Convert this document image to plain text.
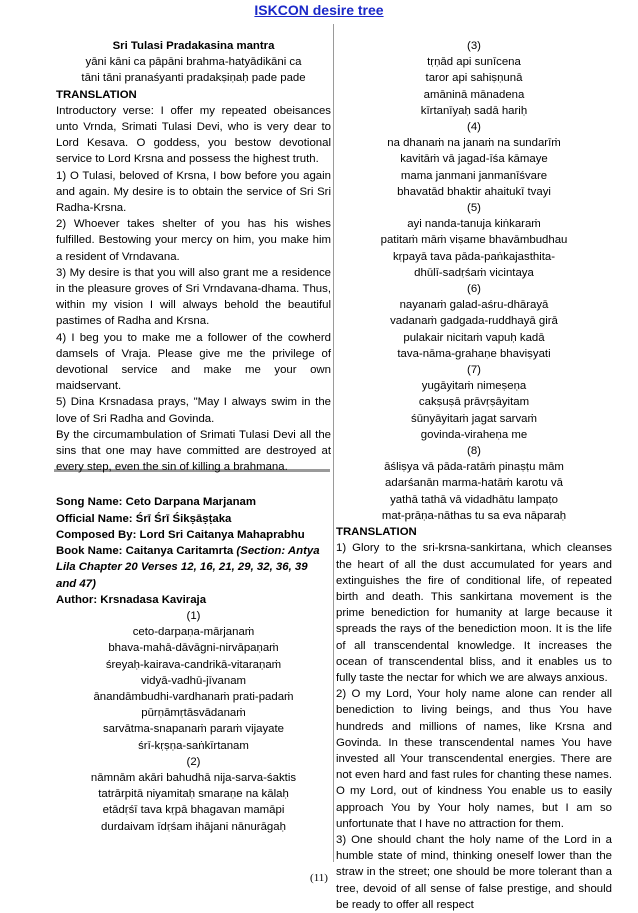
ISKCON desire tree
Sri Tulasi Pradakasina mantra
yāni kāni ca pāpāni brahma-hatyādikāni ca
tāni tāni pranaśyanti pradakṣiṇaḥ pade pade
TRANSLATION
Introductory verse: I offer my repeated obeisances unto Vrnda, Srimati Tulasi Devi, who is very dear to Lord Kesava. O goddess, you bestow devotional service to Lord Krsna and possess the highest truth.
1) O Tulasi, beloved of Krsna, I bow before you again and again. My desire is to obtain the service of Sri Sri Radha-Krsna.
2) Whoever takes shelter of you has his wishes fulfilled. Bestowing your mercy on him, you make him a resident of Vrndavana.
3) My desire is that you will also grant me a residence in the pleasure groves of Sri Vrndavana-dhama. Thus, within my vision I will always behold the beautiful pastimes of Radha and Krsna.
4) I beg you to make me a follower of the cowherd damsels of Vraja. Please give me the privilege of devotional service and make me your own maidservant.
5) Dina Krsnadasa prays, "May I always swim in the love of Sri Radha and Govinda.
By the circumambulation of Srimati Tulasi Devi all the sins that one may have committed are destroyed at every step, even the sin of killing a brahmana.
Song Name: Ceto Darpana Marjanam
Official Name: Śrī Śrī Śikṣāṣṭaka
Composed By: Lord Sri Caitanya Mahaprabhu
Book Name: Caitanya Caritamrta (Section: Antya Lila Chapter 20 Verses 12, 16, 21, 29, 32, 36, 39 and 47)
Author: Krsnadasa Kaviraja
(1)
ceto-darpaṇa-mārjanaṁ
bhava-mahā-dāvāgni-nirvāpaṇaṁ
śreyaḥ-kairava-candrikā-vitaraṇaṁ
vidyā-vadhū-jīvanam
ānandāmbudhi-vardhanaṁ prati-padaṁ
pūrṇāmṛtāsvādanaṁ
sarvātma-snapanaṁ paraṁ vijayate
śrī-kṛṣṇa-saṅkīrtanam
(2)
nāmnām akāri bahudhā nija-sarva-śaktis
tatrārpitā niyamitaḥ smaraṇe na kālaḥ
etādṛśī tava kṛpā bhagavan mamāpi
durdaivam īdṛśam ihājani nānurāgaḥ
(3)
tṛṇād api sunīcena
taror api sahiṣṇunā
amāninā mānadena
kīrtanīyaḥ sadā hariḥ
(4)
na dhanaṁ na janaṁ na sundarīṁ
kavitāṁ vā jagad-īśa kāmaye
mama janmani janmanīśvare
bhavatād bhaktir ahaitukī tvayi
(5)
ayi nanda-tanuja kiṅkaraṁ
patitaṁ māṁ viṣame bhavāmbudhau
kṛpayā tava pāda-paṅkajasthita-
dhūlī-sadṛśaṁ vicintaya
(6)
nayanaṁ galad-aśru-dhārayā
vadanaṁ gadgada-ruddhayā girā
pulakair nicitaṁ vapuḥ kadā
tava-nāma-grahaṇe bhaviṣyati
(7)
yugāyitaṁ nimeṣeṇa
cakṣuṣā prāvṛṣāyitam
śūnyāyitaṁ jagat sarvaṁ
govinda-viraheṇa me
(8)
āśliṣya vā pāda-ratāṁ pinaṣṭu mām
adarśanān marma-hatāṁ karotu vā
yathā tathā vā vidadhātu lampaṭo
mat-prāṇa-nāthas tu sa eva nāparaḥ
TRANSLATION
1) Glory to the sri-krsna-sankirtana, which cleanses the heart of all the dust accumulated for years and extinguishes the fire of conditional life, of repeated birth and death. This sankirtana movement is the prime benediction for humanity at large because it spreads the rays of the benediction moon. It is the life of all transcendental knowledge. It increases the ocean of transcendental bliss, and it enables us to fully taste the nectar for which we are always anxious.
2) O my Lord, Your holy name alone can render all benediction to living beings, and thus You have hundreds and millions of names, like Krsna and Govinda. In these transcendental names You have invested all Your transcendental energies. There are not even hard and fast rules for chanting these names. O my Lord, out of kindness You enable us to easily approach You by Your holy names, but I am so unfortunate that I have no attraction for them.
3) One should chant the holy name of the Lord in a humble state of mind, thinking oneself lower than the straw in the street; one should be more tolerant than a tree, devoid of all sense of false prestige, and should be ready to offer all respect
(11)
